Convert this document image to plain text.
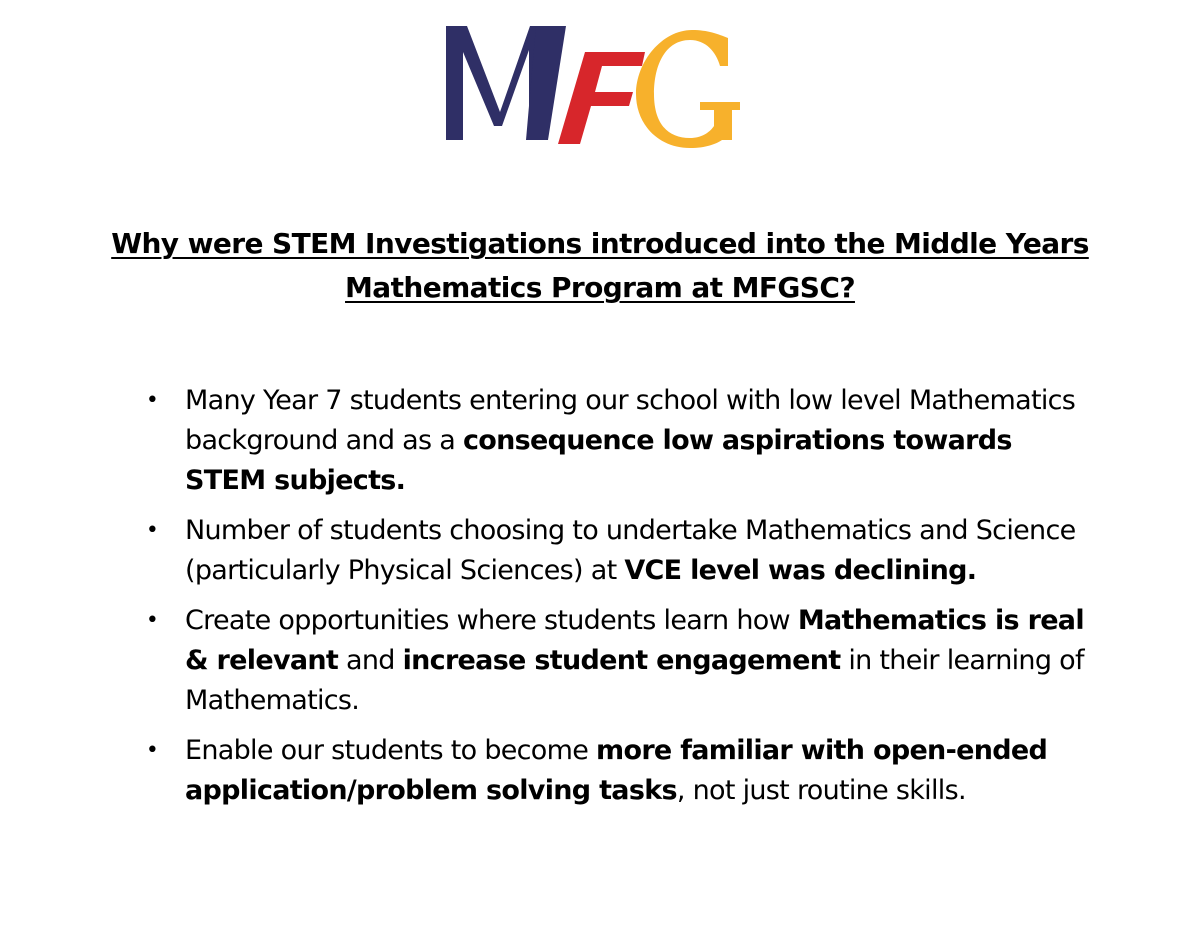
Why were STEM Investigations introduced into the Middle Years Mathematics Program at MFGSC?
• Many Year 7 students entering our school with low level Mathematics background and as a consequence low aspirations towards STEM subjects.
• Number of students choosing to undertake Mathematics and Science (particularly Physical Sciences) at VCE level was declining.
• Create opportunities where students learn how Mathematics is real & relevant and increase student engagement in their learning of Mathematics.
• Enable our students to become more familiar with open-ended application/problem solving tasks, not just routine skills.
